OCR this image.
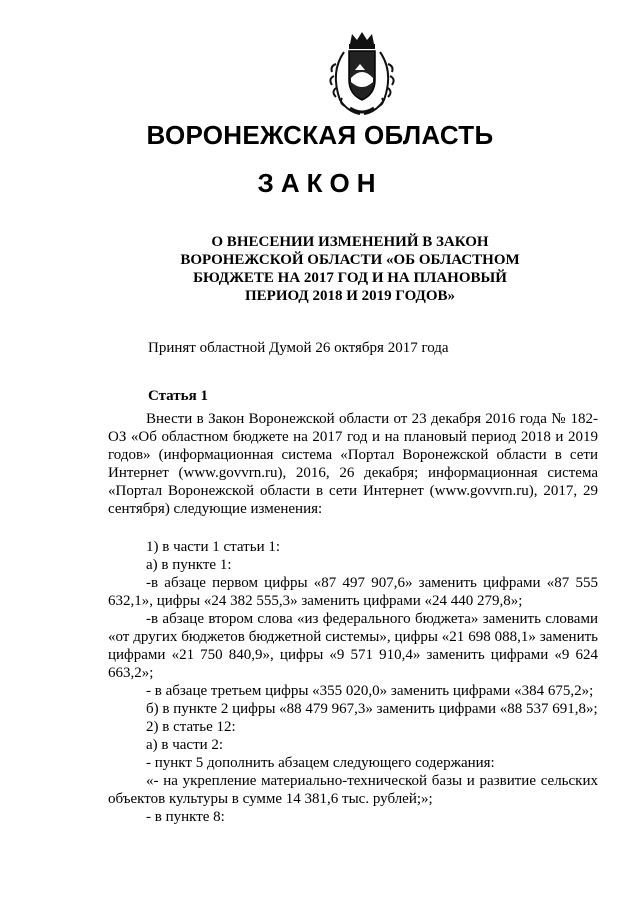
ВОРОНЕЖСКАЯ ОБЛАСТЬ
ЗАКОН
О ВНЕСЕНИИ ИЗМЕНЕНИЙ В ЗАКОН
ВОРОНЕЖСКОЙ ОБЛАСТИ «ОБ ОБЛАСТНОМ
БЮДЖЕТЕ НА 2017 ГОД И НА ПЛАНОВЫЙ
ПЕРИОД 2018 И 2019 ГОДОВ»
Принят областной Думой 26 октября 2017 года
Статья 1

Внести в Закон Воронежской области от 23 декабря 2016 года № 182-ОЗ «Об областном бюджете на 2017 год и на плановый период 2018 и 2019 годов» (информационная система «Портал Воронежской области в сети Интернет (www.govvrn.ru), 2016, 26 декабря; информационная система «Портал Воронежской области в сети Интернет (www.govvrn.ru), 2017, 29 сентября) следующие изменения:

1) в части 1 статьи 1:

а) в пункте 1:

-в абзаце первом цифры «87 497 907,6» заменить цифрами «87 555 632,1», цифры «24 382 555,3» заменить цифрами «24 440 279,8»;

-в абзаце втором слова «из федерального бюджета» заменить словами «от других бюджетов бюджетной системы», цифры «21 698 088,1» заменить цифрами «21 750 840,9», цифры «9 571 910,4» заменить цифрами «9 624 663,2»;

- в абзаце третьем цифры «355 020,0» заменить цифрами «384 675,2»;

б) в пункте 2 цифры «88 479 967,3» заменить цифрами «88 537 691,8»;

2) в статье 12:

а) в части 2:

- пункт 5 дополнить абзацем следующего содержания:

«- на укрепление материально-технической базы и развитие сельских объектов культуры в сумме 14 381,6 тыс. рублей;»;

- в пункте 8:
